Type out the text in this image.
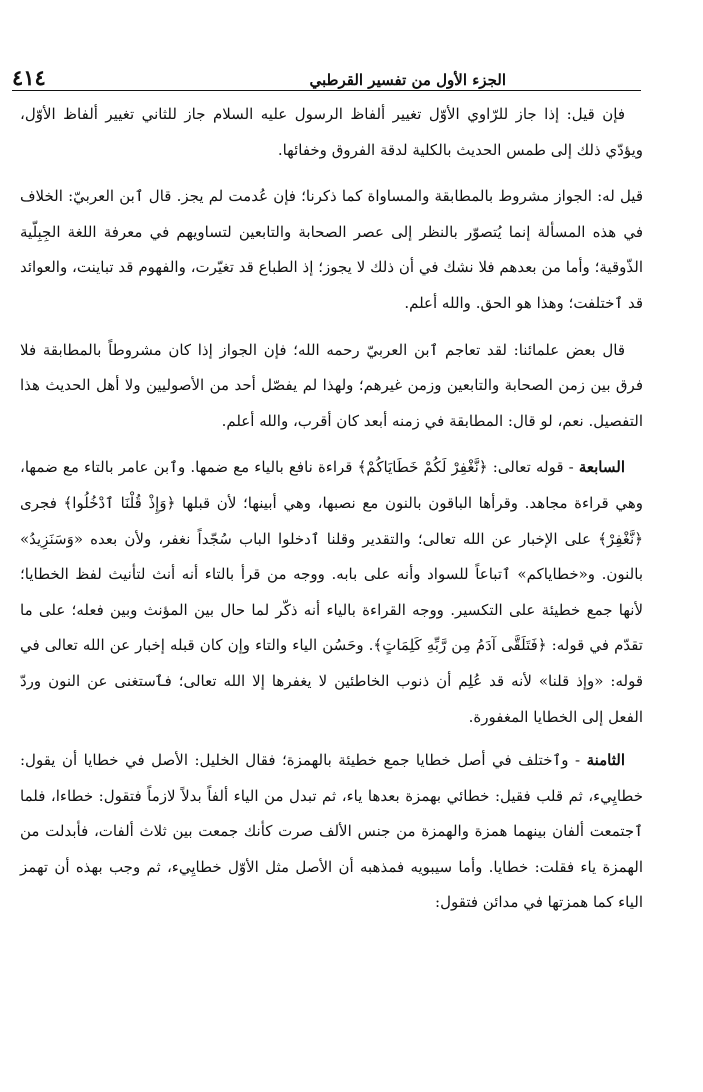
الجزء الأول من تفسير القرطبي
٤١٤

فإن قيل: إذا جاز للرّاوي الأوّل تغيير ألفاظ الرسول عليه السلام جاز للثاني تغيير ألفاظ الأوّل، ويؤدّي ذلك إلى طمس الحديث بالكلية لدقة الفروق وخفائها.

قيل له: الجواز مشروط بالمطابقة والمساواة كما ذكرنا؛ فإن عُدمت لم يجز. قال ٱبن العربيّ: الخلاف في هذه المسألة إنما يُتصوّر بالنظر إلى عصر الصحابة والتابعين لتساويهم في معرفة اللغة الجِبِلّية الذّوقية؛ وأما من بعدهم فلا نشك في أن ذلك لا يجوز؛ إذ الطباع قد تغيّرت، والفهوم قد تباينت، والعوائد قد ٱختلفت؛ وهذا هو الحق. والله أعلم.

قال بعض علمائنا: لقد تعاجم ٱبن العربيّ رحمه الله؛ فإن الجواز إذا كان مشروطاً بالمطابقة فلا فرق بين زمن الصحابة والتابعين وزمن غيرهم؛ ولهذا لم يفصّل أحد من الأصوليين ولا أهل الحديث هذا التفصيل. نعم، لو قال: المطابقة في زمنه أبعد كان أقرب، والله أعلم.

السابعة - قوله تعالى: ﴿نَّغْفِرْ لَكُمْ خَطَايَاكُمْ﴾ قراءة نافع بالياء مع ضمها. وٱبن عامر بالتاء مع ضمها، وهي قراءة مجاهد. وقرأها الباقون بالنون مع نصبها، وهي أبينها؛ لأن قبلها ﴿وَإِذْ قُلْنَا ٱدْخُلُوا﴾ فجرى ﴿نَّغْفِرْ﴾ على الإخبار عن الله تعالى؛ والتقدير وقلنا ٱدخلوا الباب سُجّداً نغفر، ولأن بعده «وَسَنَزِيدُ» بالنون. و«خطاياكم» ٱتباعاً للسواد وأنه على بابه. ووجه من قرأ بالتاء أنه أنث لتأنيث لفظ الخطايا؛ لأنها جمع خطيئة على التكسير. ووجه القراءة بالياء أنه ذكّر لما حال بين المؤنث وبين فعله؛ على ما تقدّم في قوله: ﴿فَتَلَقَّى آدَمُ مِن رَّبِّهِ كَلِمَاتٍ﴾. وحَسُن الياء والتاء وإن كان قبله إخبار عن الله تعالى في قوله: «وإذ قلنا» لأنه قد عُلِم أن ذنوب الخاطئين لا يغفرها إلا الله تعالى؛ فٱستغنى عن النون وردّ الفعل إلى الخطايا المغفورة.

الثامنة - وٱختلف في أصل خطايا جمع خطيئة بالهمزة؛ فقال الخليل: الأصل في خطايا أن يقول: خطايِيء، ثم قلب فقيل: خطائي بهمزة بعدها ياء، ثم تبدل من الياء ألفاً بدلاً لازماً فتقول: خطاءا، فلما ٱجتمعت ألفان بينهما همزة والهمزة من جنس الألف صرت كأنك جمعت بين ثلاث ألفات، فأبدلت من الهمزة ياء فقلت: خطايا. وأما سيبويه فمذهبه أن الأصل مثل الأوّل خطايِيء، ثم وجب بهذه أن تهمز الياء كما همزتها في مدائن فتقول:
